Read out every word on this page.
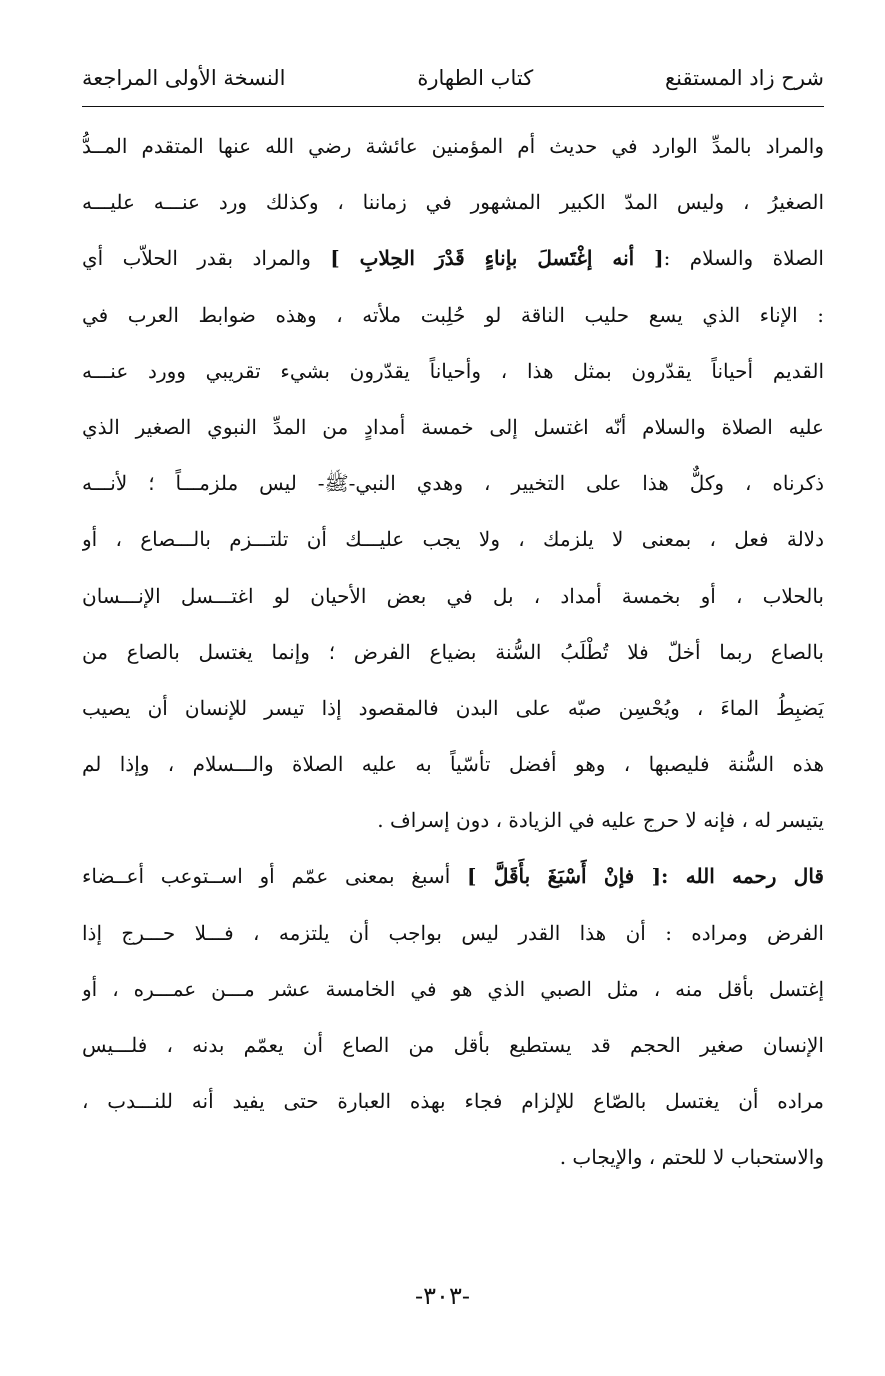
شرح زاد المستقنع
كتاب الطهارة
النسخة الأولى المراجعة
والمراد بالمدِّ الوارد في حديث أم المؤمنين عائشة رضي الله عنها المتقدم المــدُّ
الصغيرُ ، وليس المدّ الكبير المشهور في زماننا ، وكذلك ورد عنـــه عليـــه
الصلاة والسلام :[ أنه إغْتَسلَ بإناءٍ قَدْرَ الحِلابِ ] والمراد بقدر الحلاّب أي
: الإناء الذي يسع حليب الناقة لو حُلِبت ملأته ، وهذه ضوابط العرب في
القديم أحياناً يقدّرون بمثل هذا ، وأحياناً يقدّرون بشيء تقريبي وورد عنـــه
عليه الصلاة والسلام أنّه اغتسل إلى خمسة أمدادٍ من المدِّ النبوي الصغير الذي
ذكرناه ، وكلٌّ هذا على التخيير ، وهدي النبي-ﷺ- ليس ملزمـــاً ؛ لأنـــه
دلالة فعل ، بمعنى لا يلزمك ، ولا يجب عليـــك أن تلتـــزم بالـــصاع ، أو
بالحلاب ، أو بخمسة أمداد ، بل في بعض الأحيان لو اغتـــسل الإنـــسان
بالصاع ربما أخلّ فلا تُطْلَبُ السُّنة بضياع الفرض ؛ وإنما يغتسل بالصاع من
يَضبِطُ الماءَ ، ويُحْسِن صبّه على البدن فالمقصود إذا تيسر للإنسان أن يصيب
هذه السُّنة فليصبها ، وهو أفضل تأسّياً به عليه الصلاة والـــسلام ، وإذا لم
يتيسر له ، فإنه لا حرج عليه في الزيادة ، دون إسراف .
قال رحمه الله :[ فإنْ أَسْبَغَ بأَقَلَّ ] أسبغ بمعنى عمّم أو اســتوعب أعــضاء
الفرض ومراده : أن هذا القدر ليس بواجب أن يلتزمه ، فـــلا حـــرج إذا
إغتسل بأقل منه ، مثل الصبي الذي هو في الخامسة عشر مـــن عمـــره ، أو
الإنسان صغير الحجم قد يستطيع بأقل من الصاع أن يعمّم بدنه ، فلـــيس
مراده أن يغتسل بالصّاع للإلزام فجاء بهذه العبارة حتى يفيد أنه للنـــدب ،
والاستحباب لا للحتم ، والإيجاب .
-٣٠٣-
